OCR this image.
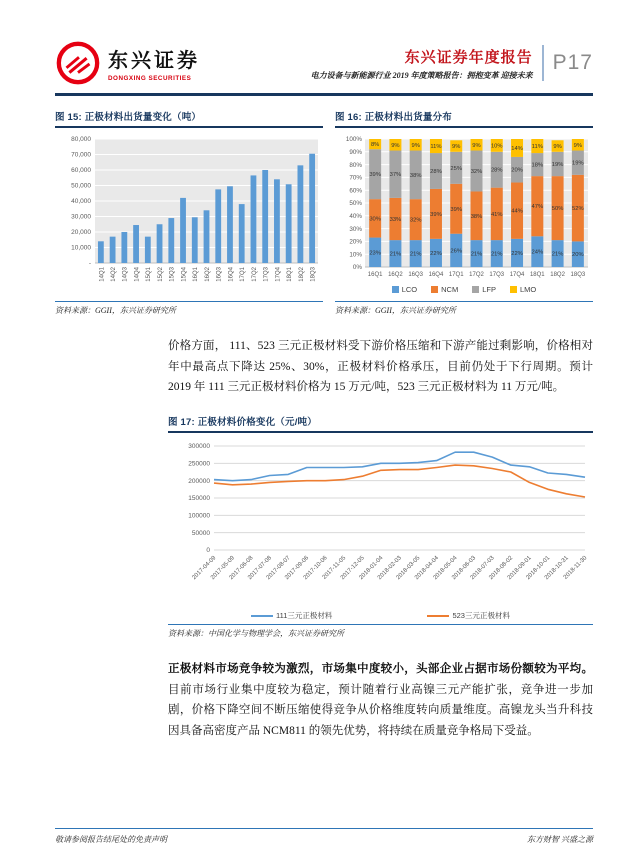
东兴证券
DONGXING SECURITIES
东兴证券年度报告
电力设备与新能源行业 2019 年度策略报告：拥抱变革 迎接未来
P17
图 15: 正极材料出货量变化（吨）
-
10,000
20,000
30,000
40,000
50,000
60,000
70,000
80,000
14Q1 14Q2 14Q3 14Q4 15Q1 15Q2 15Q3 15Q4 16Q1 16Q2 16Q3 16Q4 17Q1 17Q2 17Q3 17Q4 18Q1 18Q2 18Q3
资料来源：GGII，东兴证券研究所
图 16: 正极材料出货量分布
0%
10%
20%
30%
40%
50%
60%
70%
80%
90%
100%
23%
30%
39%
8%
16Q1
21%
33%
37%
9%
16Q2
21%
32%
38%
9%
16Q3
22%
39%
28%
11%
16Q4
26%
39%
25%
9%
17Q1
21%
38%
32%
9%
17Q2
21%
41%
28%
10%
17Q3
22%
44%
20%
14%
17Q4
24%
47%
18%
11%
18Q1
21%
50%
19%
9%
18Q2
20%
52%
19%
9%
18Q3
LCO	NCM	LFP	LMO
资料来源：GGII，东兴证券研究所

价格方面， 111、523 三元正极材料受下游价格压缩和下游产能过剩影响，价格相对年中最高点下降达 25%、30%，正极材料价格承压，目前仍处于下行周期。预计 2019 年 111 三元正极材料价格为 15 万元/吨，523 三元正极材料为 11 万元/吨。

图 17: 正极材料价格变化（元/吨）
0
50000
100000
150000
200000
250000
300000
2017-04-09
2017-05-09
2017-06-08
2017-07-08
2017-08-07
2017-09-06
2017-10-06
2017-11-05
2017-12-05
2018-01-04
2018-02-03
2018-03-05
2018-04-04
2018-05-04
2018-06-03
2018-07-03
2018-08-02
2018-09-01
2018-10-01
2018-10-31
2018-11-30
111三元正极材料	523三元正极材料
资料来源：中国化学与物理学会，东兴证券研究所

正极材料市场竞争较为激烈，市场集中度较小，头部企业占据市场份额较为平均。目前市场行业集中度较为稳定，预计随着行业高镍三元产能扩张，竞争进一步加剧，价格下降空间不断压缩使得竞争从价格维度转向质量维度。高镍龙头当升科技因具备高密度产品 NCM811 的领先优势，将持续在质量竞争格局下受益。

敬请参阅报告结尾处的免责声明	东方财智 兴盛之源
